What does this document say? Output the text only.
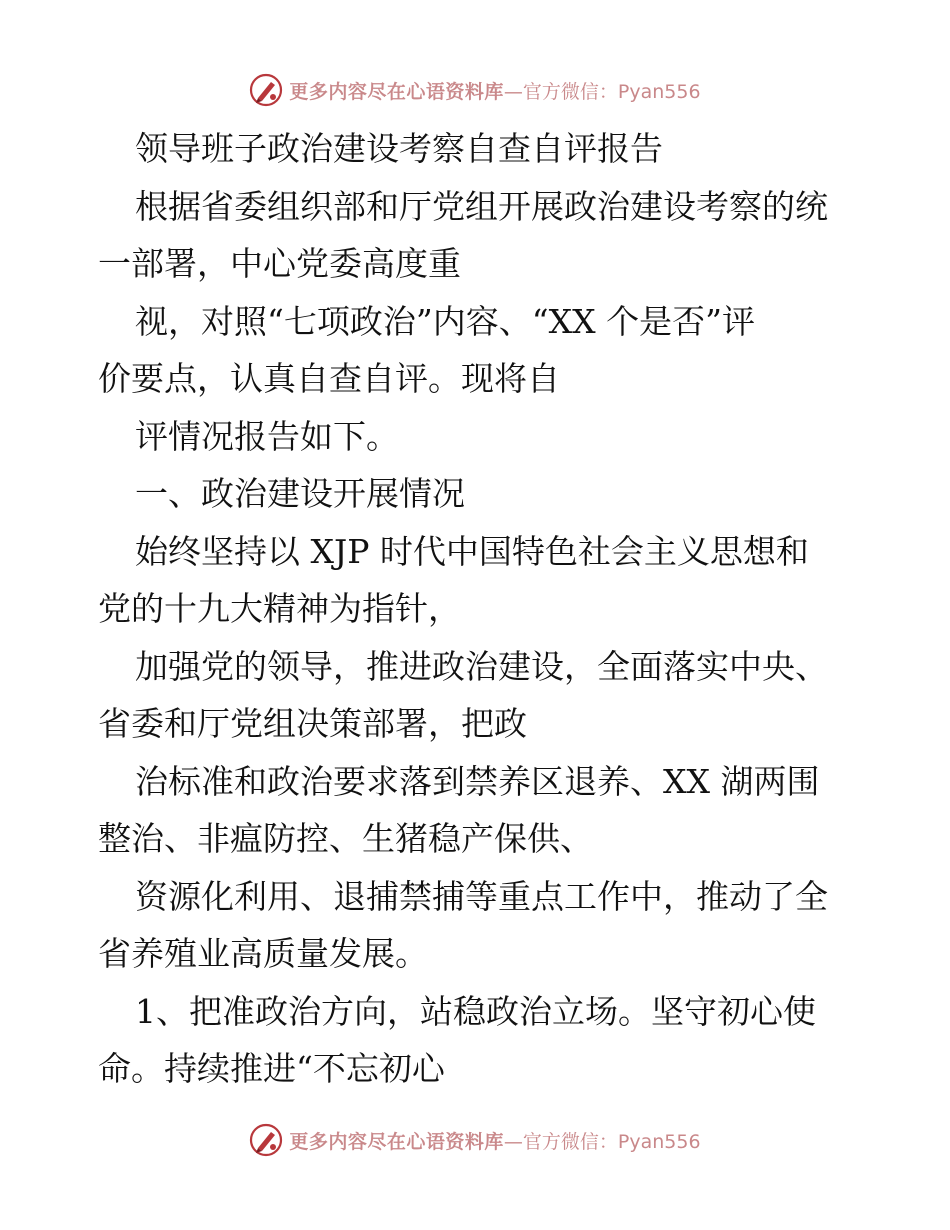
更多内容尽在心语资料库 —官方微信：Pyan556

领导班子政治建设考察自查自评报告

根据省委组织部和厅党组开展政治建设考察的统

一部署，中心党委高度重

视，对照“七项政治”内容、“XX 个是否”评

价要点，认真自查自评。现将自

评情况报告如下。

一、政治建设开展情况

始终坚持以 XJP 时代中国特色社会主义思想和

党的十九大精神为指针，

加强党的领导，推进政治建设，全面落实中央、

省委和厅党组决策部署，把政

治标准和政治要求落到禁养区退养、XX 湖两围

整治、非瘟防控、生猪稳产保供、

资源化利用、退捕禁捕等重点工作中，推动了全

省养殖业高质量发展。

1、把准政治方向，站稳政治立场。坚守初心使

命。持续推进“不忘初心

更多内容尽在心语资料库 —官方微信：Pyan556
